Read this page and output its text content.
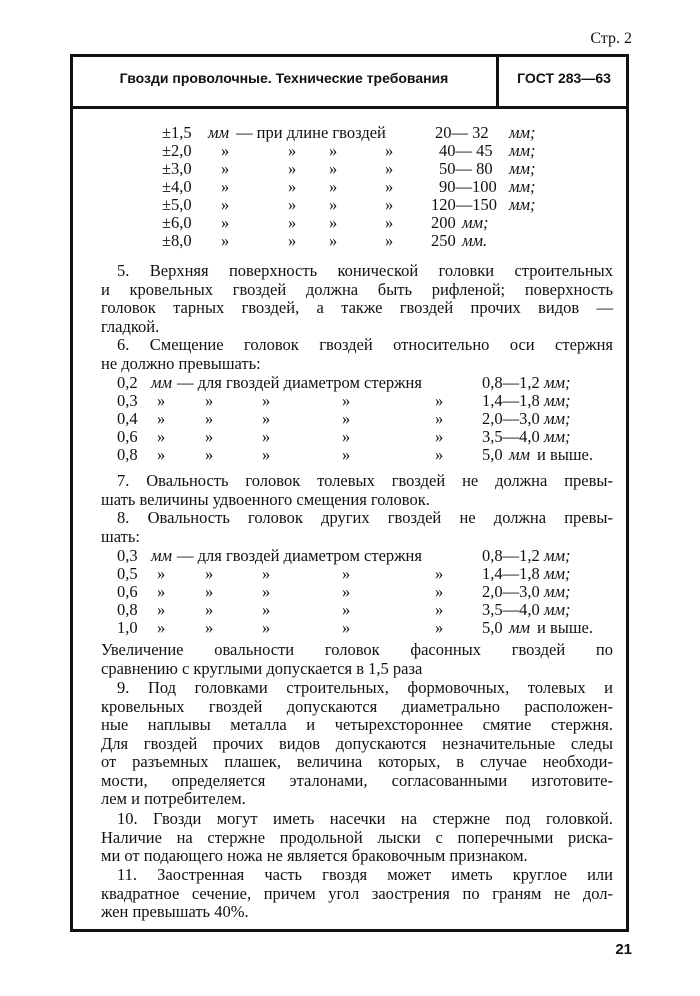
Стр. 2
Гвозди проволочные. Технические требования	ГОСТ 283—63
±1,5 мм — при длине гвоздей	20— 32 мм;
±2,0 »	» »	»	40— 45 мм;
±3,0 »	» »	»	50— 80 мм;
±4,0 »	» »	»	90—100 мм;
±5,0 »	» »	» 120—150 мм;
±6,0 »	» »	» 200 мм;
±8,0 »	» »	» 250 мм.
5. Верхняя поверхность конической головки строительных
и кровельных гвоздей должна быть рифленой; поверхность
головок тарных гвоздей, а также гвоздей прочих видов —
гладкой.
6. Смещение головок гвоздей относительно оси стержня
не должно превышать:
0,2 мм — для гвоздей диаметром стержня	0,8—1,2 мм;
0,3 » »	»	»	» 1,4—1,8 мм;
0,4 » »	»	»	» 2,0—3,0 мм;
0,6 » »	»	»	» 3,5—4,0 мм;
0,8 » »	»	»	» 5,0 мм и выше.
7. Овальность головок толевых гвоздей не должна превы-
шать величины удвоенного смещения головок.
8. Овальность головок других гвоздей не должна превы-
шать:
0,3 мм — для гвоздей диаметром стержня	0,8—1,2 мм;
0,5 » »	»	»	» 1,4—1,8 мм;
0,6 » »	»	»	» 2,0—3,0 мм;
0,8 » »	»	»	» 3,5—4,0 мм;
1,0 » »	»	»	» 5,0 мм и выше.
Увеличение овальности головок фасонных гвоздей по
сравнению с круглыми допускается в 1,5 раза
9. Под головками строительных, формовочных, толевых и
кровельных гвоздей допускаются диаметрально расположен-
ные наплывы металла и четырехстороннее смятие стержня.
Для гвоздей прочих видов допускаются незначительные следы
от разъемных плашек, величина которых, в случае необходи-
мости, определяется эталонами, согласованными изготовите-
лем и потребителем.
10. Гвозди могут иметь насечки на стержне под головкой.
Наличие на стержне продольной лыски с поперечными риска-
ми от подающего ножа не является браковочным признаком.
11. Заостренная часть гвоздя может иметь круглое или
квадратное сечение, причем угол заострения по граням не дол-
жен превышать 40%.
21
